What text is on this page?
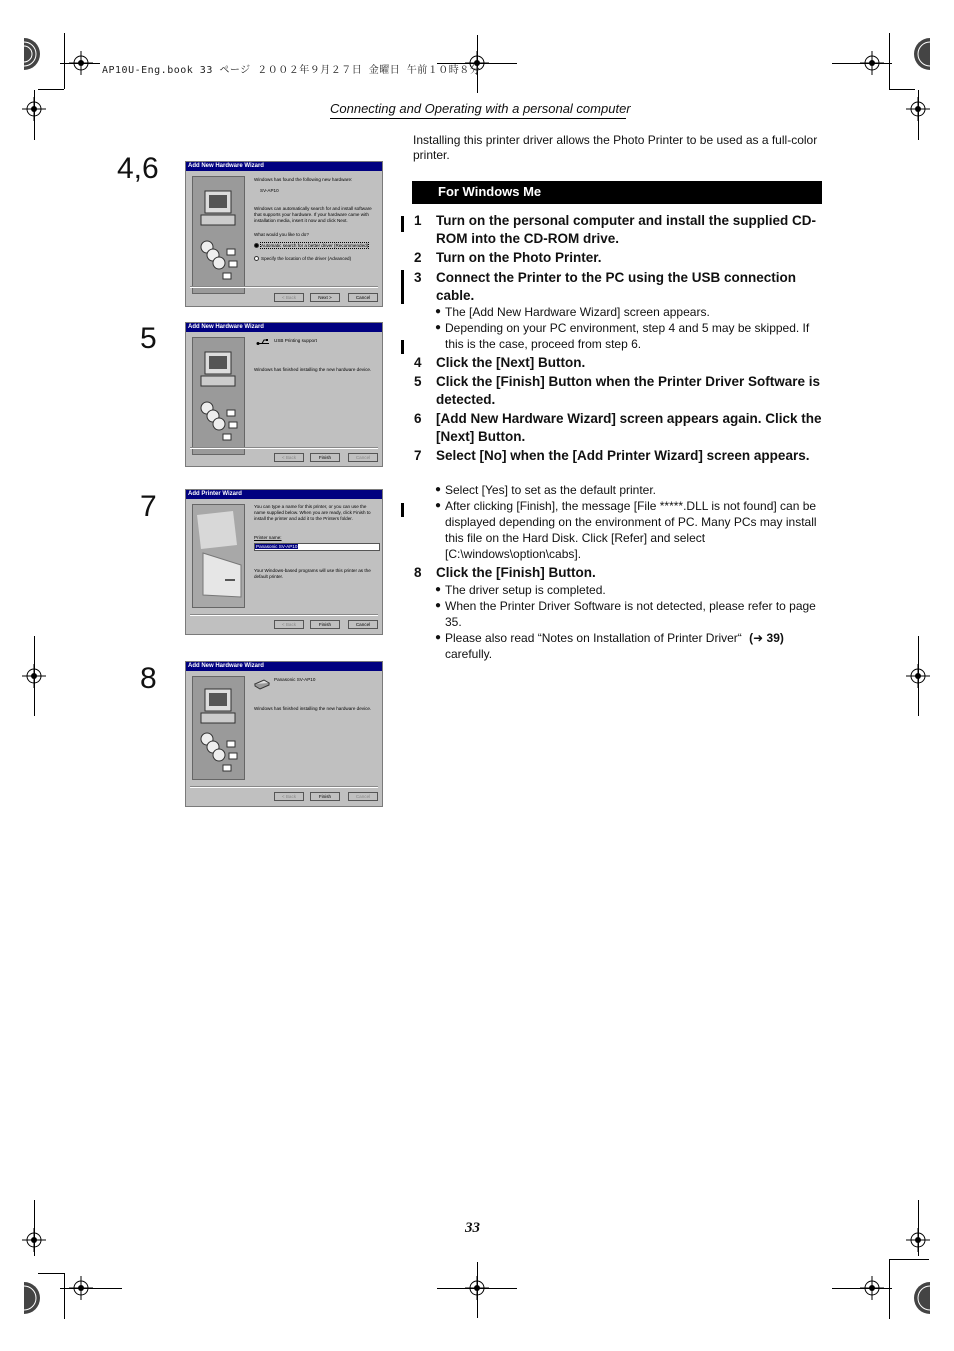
AP10U-Eng.book 33 ページ ２００２年９月２７日 金曜日 午前１０時８分
Connecting and Operating with a personal computer
4,6
5
7
8
Add New Hardware Wizard
Windows has found the following new hardware:
SV-AP10
Windows can automatically search for and install software that supports your hardware. If your hardware came with installation media, insert it now and click Next.
What would you like to do?
Automatic search for a better driver (Recommended)
Specify the location of the driver (Advanced)
< Back	Next >	Cancel
Add New Hardware Wizard
USB Printing support
Windows has finished installing the new hardware device.
< Back	Finish	Cancel
Add Printer Wizard
You can type a name for this printer, or you can use the name supplied below. When you are ready, click Finish to install the printer and add it to the Printers folder.
Printer name:
Panasonic SV-AP10
Your Windows-based programs will use this printer as the default printer.
< Back	Finish	Cancel
Add New Hardware Wizard
Panasonic SV-AP10
Windows has finished installing the new hardware device.
< Back	Finish	Cancel
Installing this printer driver allows the Photo Printer to be used as a full-color printer.
For Windows Me
1 Turn on the personal computer and install the supplied CD-ROM into the CD-ROM drive.
2 Turn on the Photo Printer.
3 Connect the Printer to the PC using the USB connection cable.
● The [Add New Hardware Wizard] screen appears.
● Depending on your PC environment, step 4 and 5 may be skipped. If this is the case, proceed from step 6.
4 Click the [Next] Button.
5 Click the [Finish] Button when the Printer Driver Software is detected.
6 [Add New Hardware Wizard] screen appears again. Click the [Next] Button.
7 Select [No] when the [Add Printer Wizard] screen appears.
● Select [Yes] to set as the default printer.
● After clicking [Finish], the message [File *****.DLL is not found] can be displayed depending on the environment of PC. Many PCs may install this file on the Hard Disk. Click [Refer] and select [C:\windows\option\cabs].
8 Click the [Finish] Button.
● The driver setup is completed.
● When the Printer Driver Software is not detected, please refer to page 35.
● Please also read “Notes on Installation of Printer Driver“ (➜ 39)
carefully.
33
